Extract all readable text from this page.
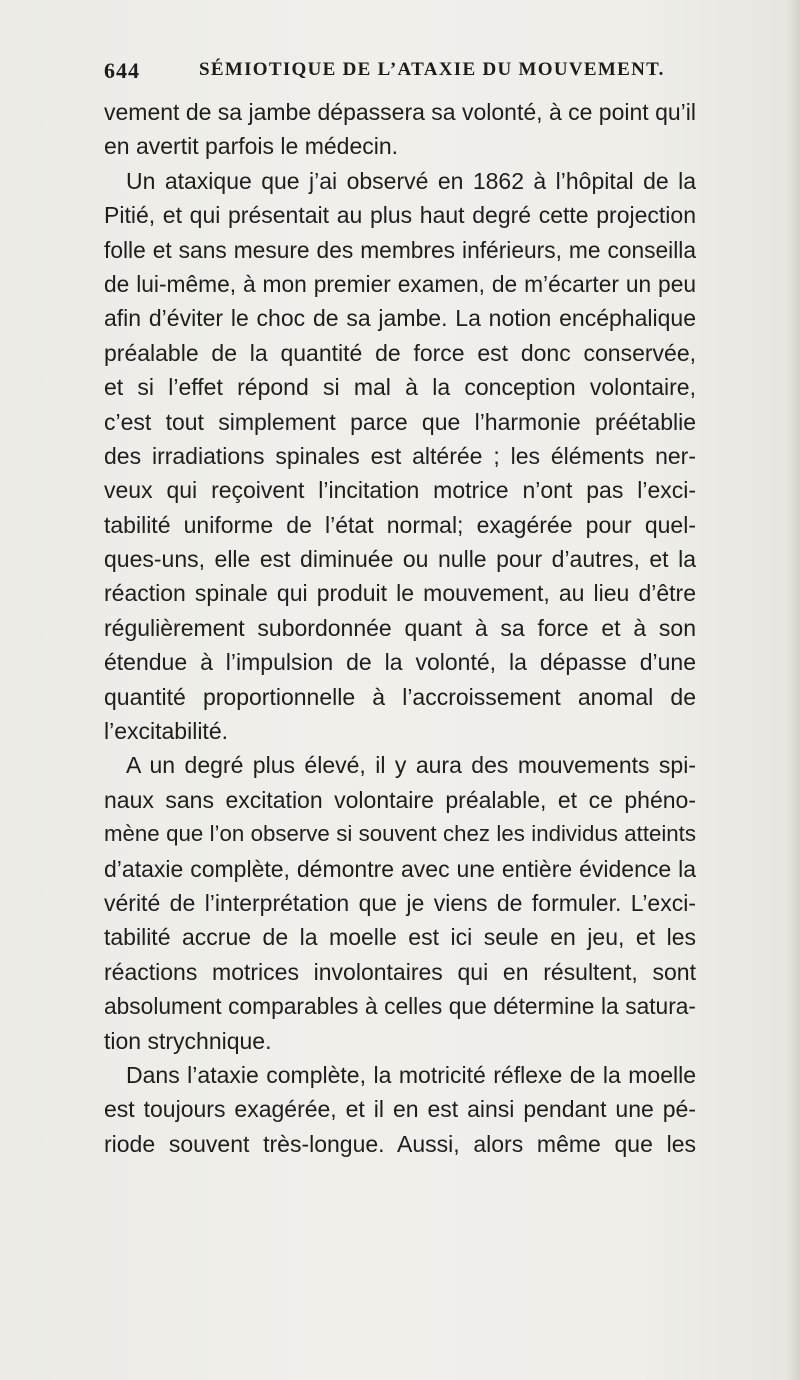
644	SÉMIOTIQUE DE L’ATAXIE DU MOUVEMENT.
vement de sa jambe dépassera sa volonté, à ce point qu’il
en avertit parfois le médecin.
Un ataxique que j’ai observé en 1862 à l’hôpital de la
Pitié, et qui présentait au plus haut degré cette projection
folle et sans mesure des membres inférieurs, me conseilla
de lui-même, à mon premier examen, de m’écarter un peu
afin d’éviter le choc de sa jambe. La notion encéphalique
préalable de la quantité de force est donc conservée,
et si l’effet répond si mal à la conception volontaire,
c’est tout simplement parce que l’harmonie préétablie
des irradiations spinales est altérée ; les éléments ner-
veux qui reçoivent l’incitation motrice n’ont pas l’exci-
tabilité uniforme de l’état normal; exagérée pour quel-
ques-uns, elle est diminuée ou nulle pour d’autres, et la
réaction spinale qui produit le mouvement, au lieu d’être
régulièrement subordonnée quant à sa force et à son
étendue à l’impulsion de la volonté, la dépasse d’une
quantité proportionnelle à l’accroissement anomal de
l’excitabilité.
A un degré plus élevé, il y aura des mouvements spi-
naux sans excitation volontaire préalable, et ce phéno-
mène que l’on observe si souvent chez les individus atteints
d’ataxie complète, démontre avec une entière évidence la
vérité de l’interprétation que je viens de formuler. L’exci-
tabilité accrue de la moelle est ici seule en jeu, et les
réactions motrices involontaires qui en résultent, sont
absolument comparables à celles que détermine la satura-
tion strychnique.
Dans l’ataxie complète, la motricité réflexe de la moelle
est toujours exagérée, et il en est ainsi pendant une pé-
riode souvent très-longue. Aussi, alors même que les
